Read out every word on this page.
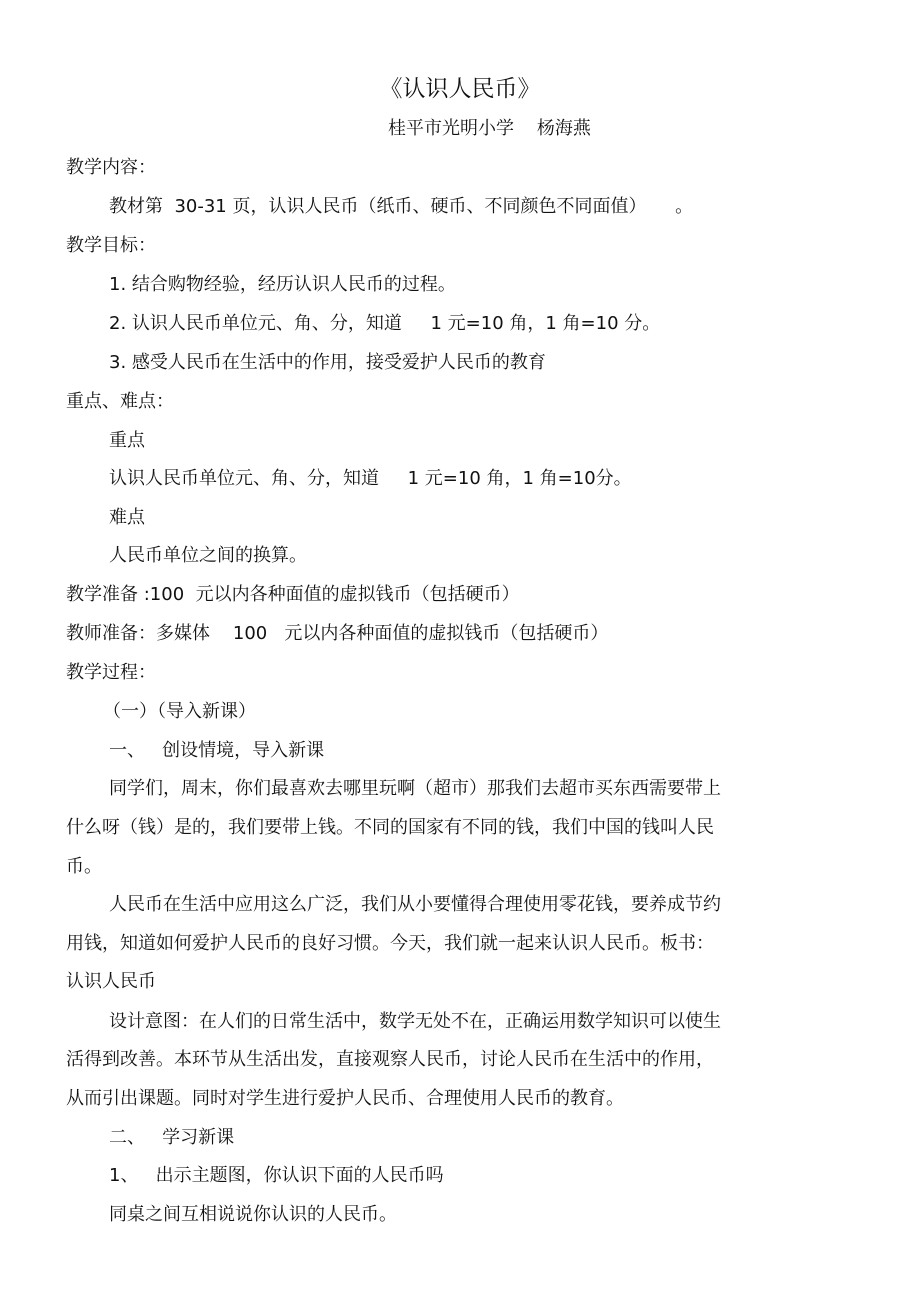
《认识人民币》
桂平市光明小学    杨海燕
教学内容：
教材第  30-31 页，认识人民币（纸币、硬币、不同颜色不同面值）     。
教学目标：
1. 结合购物经验，经历认识人民币的过程。
2. 认识人民币单位元、角、分，知道     1 元=10 角，1 角=10 分。
3. 感受人民币在生活中的作用，接受爱护人民币的教育
重点、难点：
重点
认识人民币单位元、角、分，知道     1 元=10 角，1 角=10分。
难点
人民币单位之间的换算。
教学准备 :100  元以内各种面值的虚拟钱币（包括硬币）
教师准备：多媒体    100   元以内各种面值的虚拟钱币（包括硬币）
教学过程：
（一）（导入新课）
一、   创设情境，导入新课
同学们，周末，你们最喜欢去哪里玩啊（超市）那我们去超市买东西需要带上
什么呀（钱）是的，我们要带上钱。不同的国家有不同的钱，我们中国的钱叫人民
币。
人民币在生活中应用这么广泛，我们从小要懂得合理使用零花钱，要养成节约
用钱，知道如何爱护人民币的良好习惯。今天，我们就一起来认识人民币。板书：
认识人民币
设计意图：在人们的日常生活中，数学无处不在，正确运用数学知识可以使生
活得到改善。本环节从生活出发，直接观察人民币，讨论人民币在生活中的作用，
从而引出课题。同时对学生进行爱护人民币、合理使用人民币的教育。
二、   学习新课
1、   出示主题图，你认识下面的人民币吗
同桌之间互相说说你认识的人民币。
